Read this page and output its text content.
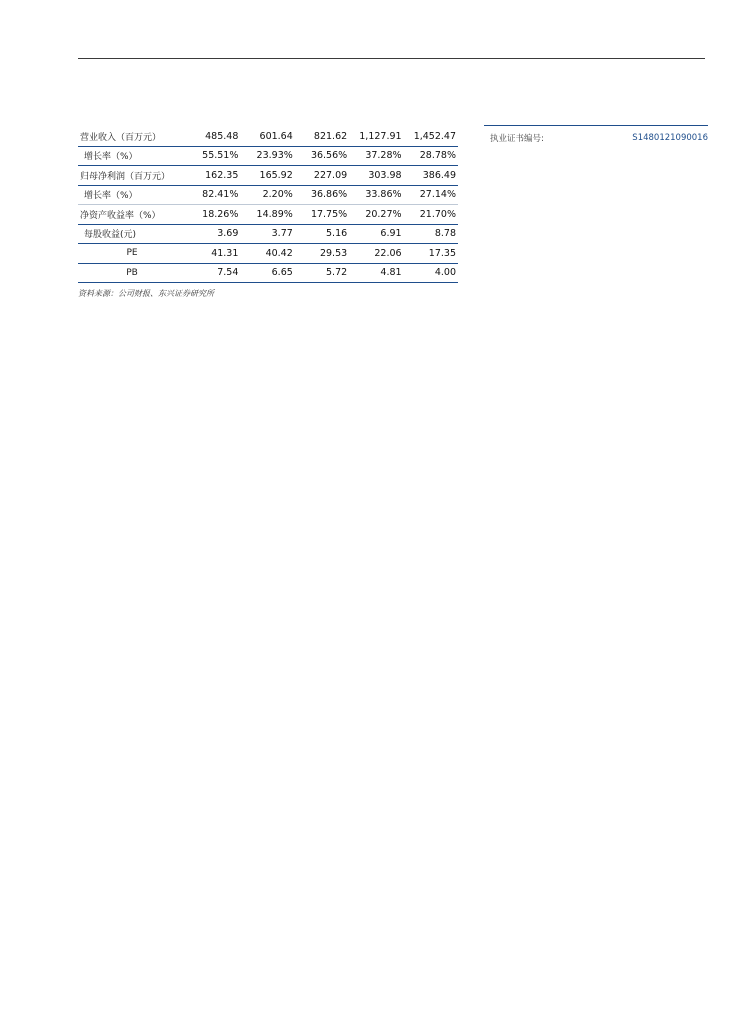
营业收入（百万元）	485.48	601.64	821.62	1,127.91	1,452.47
增长率（%）	55.51%	23.93%	36.56%	37.28%	28.78%
归母净利润（百万元）	162.35	165.92	227.09	303.98	386.49
增长率（%）	82.41%	2.20%	36.86%	33.86%	27.14%
净资产收益率（%）	18.26%	14.89%	17.75%	20.27%	21.70%
每股收益(元)	3.69	3.77	5.16	6.91	8.78
PE	41.31	40.42	29.53	22.06	17.35
PB	7.54	6.65	5.72	4.81	4.00
资料来源：公司财报、东兴证券研究所
执业证书编号:	S1480121090016
